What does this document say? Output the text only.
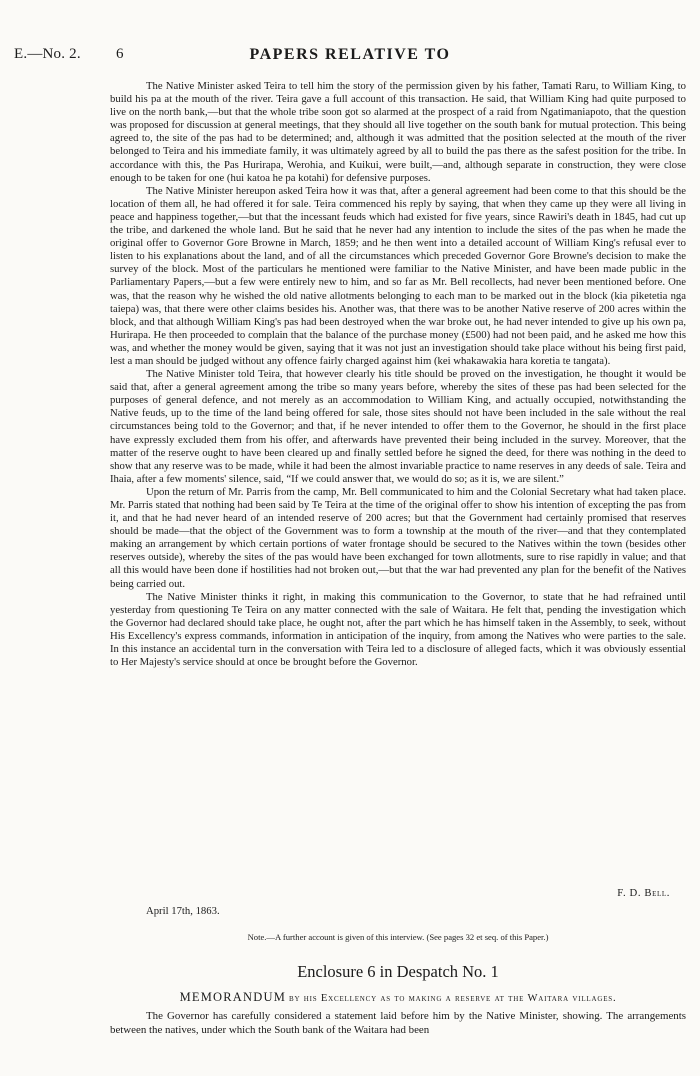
E.—No. 2. 6	PAPERS RELATIVE TO

The Native Minister asked Teira to tell him the story of the permission given by his father, Tamati Raru, to William King, to build his pa at the mouth of the river. Teira gave a full account of this transaction. He said, that William King had quite purposed to live on the north bank,—but that the whole tribe soon got so alarmed at the prospect of a raid from Ngatimaniapoto, that the question was proposed for discussion at general meetings, that they should all live together on the south bank for mutual protection. This being agreed to, the site of the pas had to be determined; and, although it was admitted that the position selected at the mouth of the river belonged to Teira and his immediate family, it was ultimately agreed by all to build the pas there as the safest position for the tribe. In accordance with this, the Pas Hurirapa, Werohia, and Kuikui, were built,—and, although separate in construction, they were close enough to be taken for one (hui katoa he pa kotahi) for defensive purposes.

The Native Minister hereupon asked Teira how it was that, after a general agreement had been come to that this should be the location of them all, he had offered it for sale. Teira commenced his reply by saying, that when they came up they were all living in peace and happiness together,—but that the incessant feuds which had existed for five years, since Rawiri's death in 1845, had cut up the tribe, and darkened the whole land. But he said that he never had any intention to include the sites of the pas when he made the original offer to Governor Gore Browne in March, 1859; and he then went into a detailed account of William King's refusal ever to listen to his explanations about the land, and of all the circumstances which preceded Governor Gore Browne's decision to make the survey of the block. Most of the particulars he mentioned were familiar to the Native Minister, and have been made public in the Parliamentary Papers,—but a few were entirely new to him, and so far as Mr. Bell recollects, had never been mentioned before. One was, that the reason why he wished the old native allotments belonging to each man to be marked out in the block (kia piketetia nga taiepa) was, that there were other claims besides his. Another was, that there was to be another Native reserve of 200 acres within the block, and that although William King's pas had been destroyed when the war broke out, he had never intended to give up his own pa, Hurirapa. He then proceeded to complain that the balance of the purchase money (£500) had not been paid, and he asked me how this was, and whether the money would be given, saying that it was not just an investigation should take place without his being first paid, lest a man should be judged without any offence fairly charged against him (kei whakawakia hara koretia te tangata).

The Native Minister told Teira, that however clearly his title should be proved on the investigation, he thought it would be said that, after a general agreement among the tribe so many years before, whereby the sites of these pas had been selected for the purposes of general defence, and not merely as an accommodation to William King, and actually occupied, notwithstanding the Native feuds, up to the time of the land being offered for sale, those sites should not have been included in the sale without the real circumstances being told to the Governor; and that, if he never intended to offer them to the Governor, he should in the first place have expressly excluded them from his offer, and afterwards have prevented their being included in the survey. Moreover, that the matter of the reserve ought to have been cleared up and finally settled before he signed the deed, for there was nothing in the deed to show that any reserve was to be made, while it had been the almost invariable practice to name reserves in any deeds of sale. Teira and Ihaia, after a few moments' silence, said, “If we could answer that, we would do so; as it is, we are silent.”

Upon the return of Mr. Parris from the camp, Mr. Bell communicated to him and the Colonial Secretary what had taken place. Mr. Parris stated that nothing had been said by Te Teira at the time of the original offer to show his intention of excepting the pas from it, and that he had never heard of an intended reserve of 200 acres; but that the Government had certainly promised that reserves should be made—that the object of the Government was to form a township at the mouth of the river—and that they contemplated making an arrangement by which certain portions of water frontage should be secured to the Natives within the town (besides other reserves outside), whereby the sites of the pas would have been exchanged for town allotments, sure to rise rapidly in value; and that all this would have been done if hostilities had not broken out,—but that the war had prevented any plan for the benefit of the Natives being carried out.

The Native Minister thinks it right, in making this communication to the Governor, to state that he had refrained until yesterday from questioning Te Teira on any matter connected with the sale of Waitara. He felt that, pending the investigation which the Governor had declared should take place, he ought not, after the part which he has himself taken in the Assembly, to seek, without His Excellency's express commands, information in anticipation of the inquiry, from among the Natives who were parties to the sale. In this instance an accidental turn in the conversation with Teira led to a disclosure of alleged facts, which it was obviously essential to Her Majesty's service should at once be brought before the Governor.

F. D. Bell.
April 17th, 1863.
Note.—A further account is given of this interview. (See pages 32 et seq. of this Paper.)
Enclosure 6 in Despatch No. 1
MEMORANDUM by his Excellency as to making a reserve at the Waitara villages.

The Governor has carefully considered a statement laid before him by the Native Minister, showing. The arrangements between the natives, under which the South bank of the Waitara had been
